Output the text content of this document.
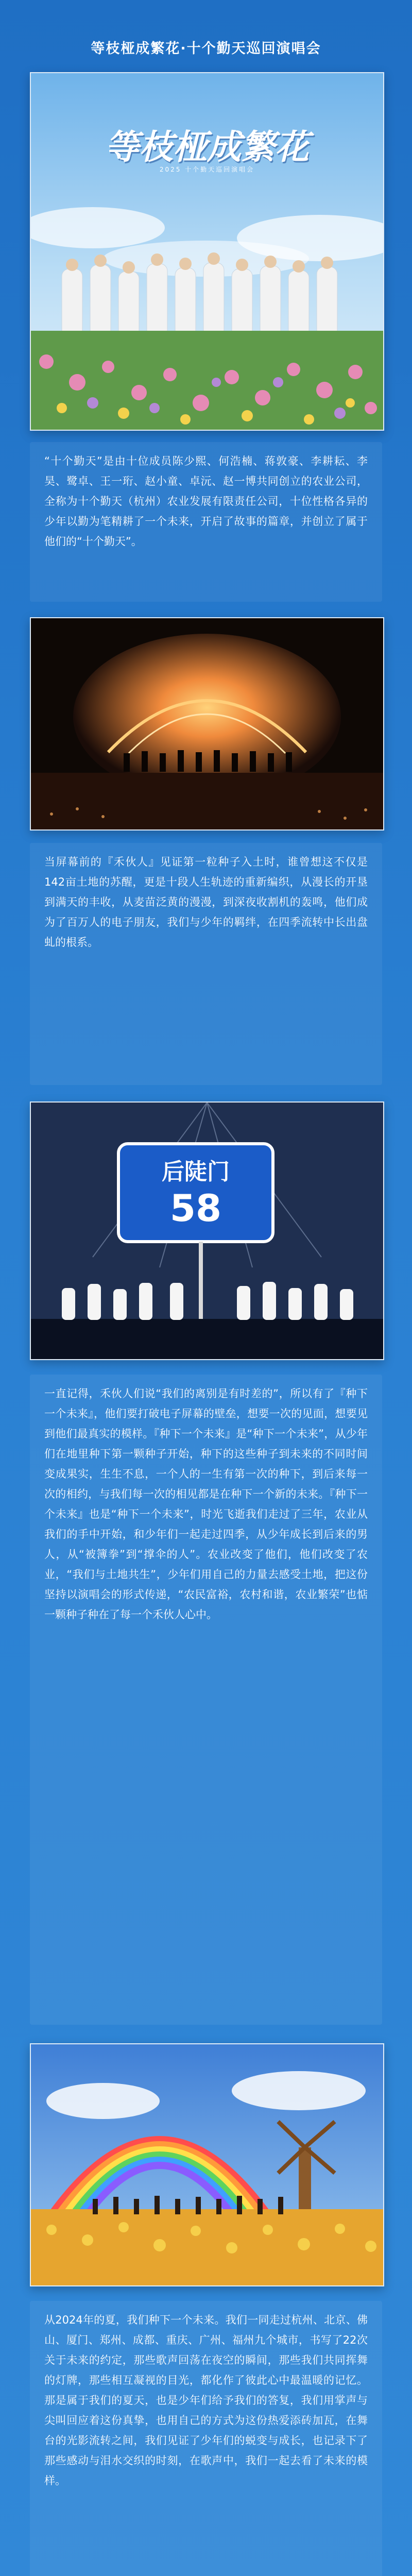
等枝桠成繁花·十个勤天巡回演唱会
等枝桠成繁花
2025 十个勤天巡回演唱会

“十个勤天”是由十位成员陈少熙、何浩楠、蒋敦豪、李耕耘、李昊、鹭卓、王一珩、赵小童、卓沅、赵一博共同创立的农业公司，全称为十个勤天（杭州）农业发展有限责任公司，十位性格各异的少年以勤为笔精耕了一个未来，开启了故事的篇章，并创立了属于他们的“十个勤天”。

当屏幕前的『禾伙人』见证第一粒种子入土时，谁曾想这不仅是142亩土地的苏醒，更是十段人生轨迹的重新编织，从漫长的开垦到满天的丰收，从麦苗泛黄的漫漫，到深夜收割机的轰鸣，他们成为了百万人的电子朋友，我们与少年的羁绊，在四季流转中长出盘虬的根系。

后陡门
58

一直记得，禾伙人们说“我们的离别是有时差的”，所以有了『种下一个未来』，他们要打破电子屏幕的壁垒，想要一次的见面，想要见到他们最真实的模样。『种下一个未来』是“种下一个未来”，从少年们在地里种下第一颗种子开始，种下的这些种子到未来的不同时间变成果实，生生不息，一个人的一生有第一次的种下，到后来每一次的相约，与我们每一次的相见都是在种下一个新的未来。『种下一个未来』也是“种下一个未来”，时光飞逝我们走过了三年，农业从我们的手中开始，和少年们一起走过四季，从少年成长到后来的男人，从“被簿拳”到“撑伞的人”。农业改变了他们，他们改变了农业，“我们与土地共生”，少年们用自己的力量去感受土地，把这份坚持以演唱会的形式传递，“农民富裕，农村和谐，农业繁荣”也惦一颗种子种在了每一个禾伙人心中。

从2024年的夏，我们种下一个未来。我们一同走过杭州、北京、佛山、厦门、郑州、成都、重庆、广州、福州九个城市，书写了22次关于未来的约定，那些歌声回荡在夜空的瞬间，那些我们共同挥舞的灯牌，那些相互凝视的目光，都化作了彼此心中最温暖的记忆。那是属于我们的夏天，也是少年们给予我们的答复，我们用掌声与尖叫回应着这份真挚，也用自己的方式为这份热爱添砖加瓦，在舞台的光影流转之间，我们见证了少年们的蜕变与成长，也记录下了那些感动与泪水交织的时刻，在歌声中，我们一起去看了未来的模样。
